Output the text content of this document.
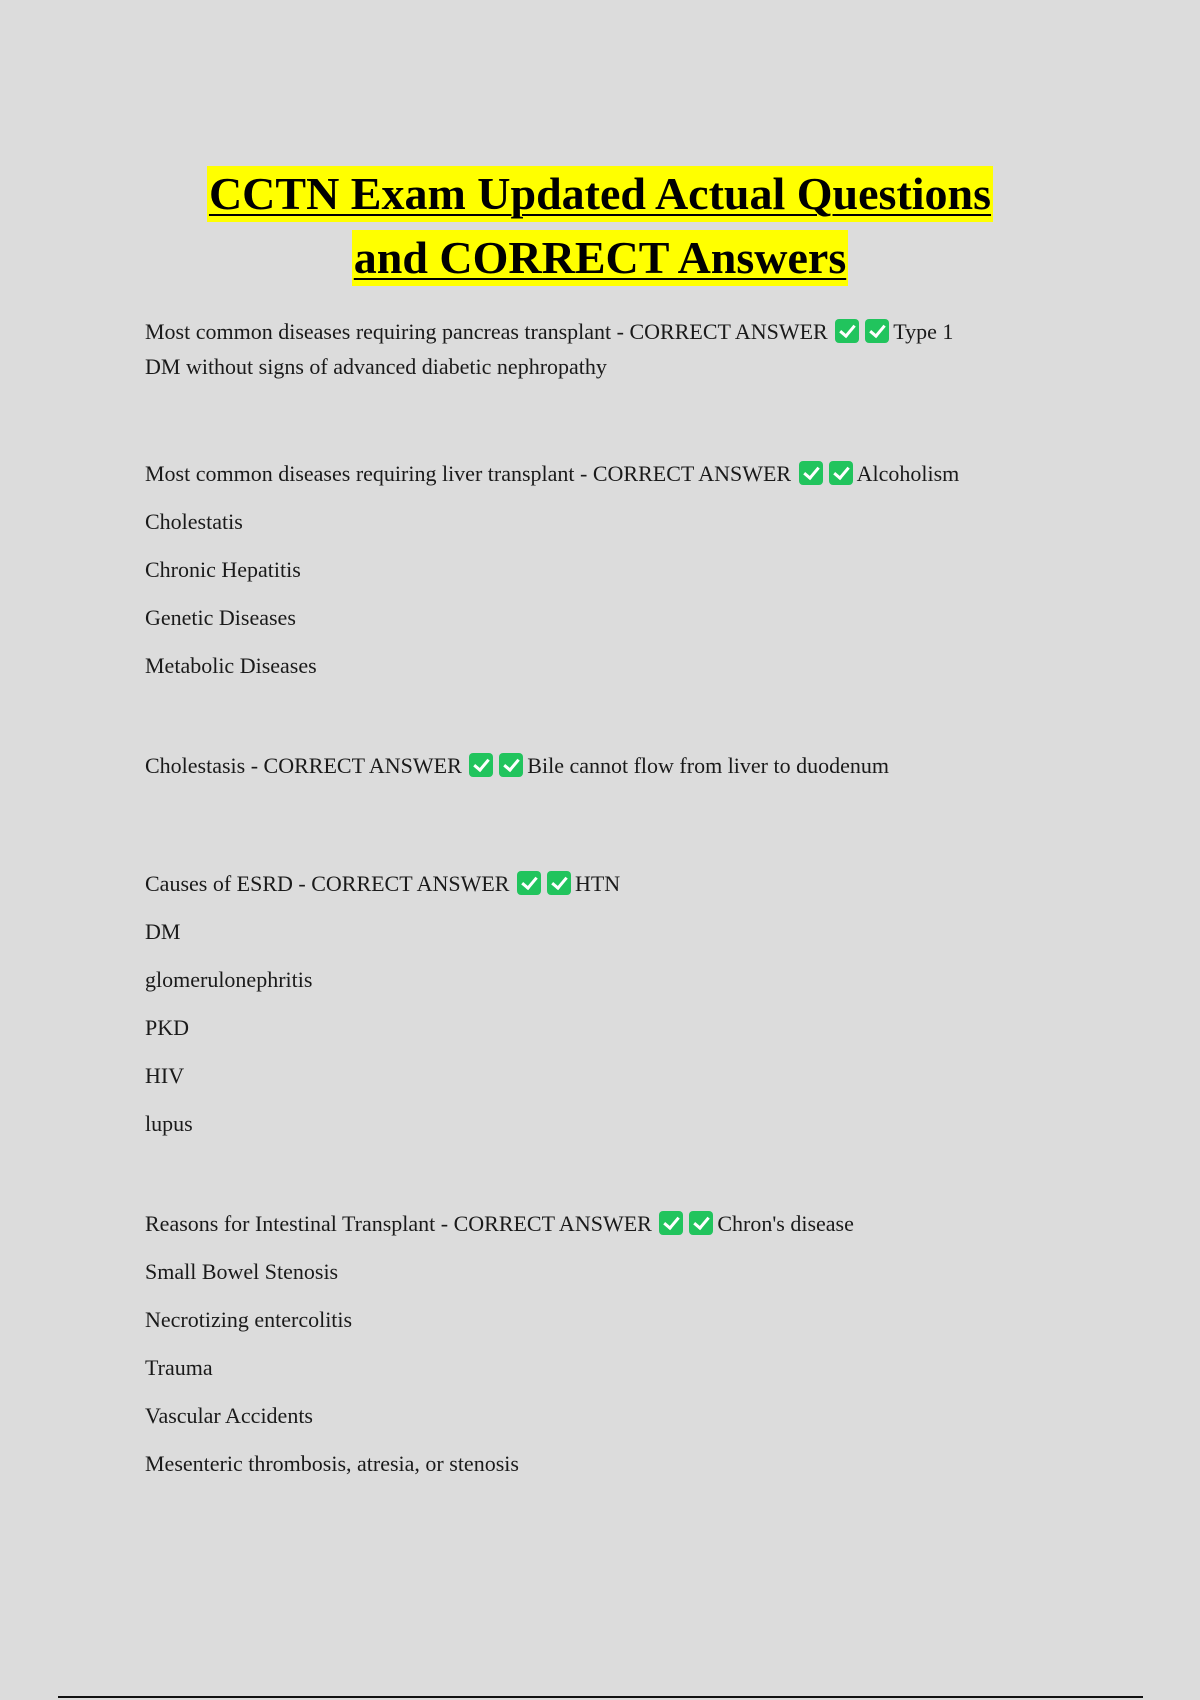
CCTN Exam Updated Actual Questions
and CORRECT Answers

Most common diseases requiring pancreas transplant - CORRECT ANSWER	Type 1
DM without signs of advanced diabetic nephropathy

Most common diseases requiring liver transplant - CORRECT ANSWER	Alcoholism

Cholestatis

Chronic Hepatitis

Genetic Diseases

Metabolic Diseases

Cholestasis - CORRECT ANSWER	Bile cannot flow from liver to duodenum

Causes of ESRD - CORRECT ANSWER	HTN

DM

glomerulonephritis

PKD

HIV

lupus

Reasons for Intestinal Transplant - CORRECT ANSWER	Chron's disease

Small Bowel Stenosis

Necrotizing entercolitis

Trauma

Vascular Accidents

Mesenteric thrombosis, atresia, or stenosis
